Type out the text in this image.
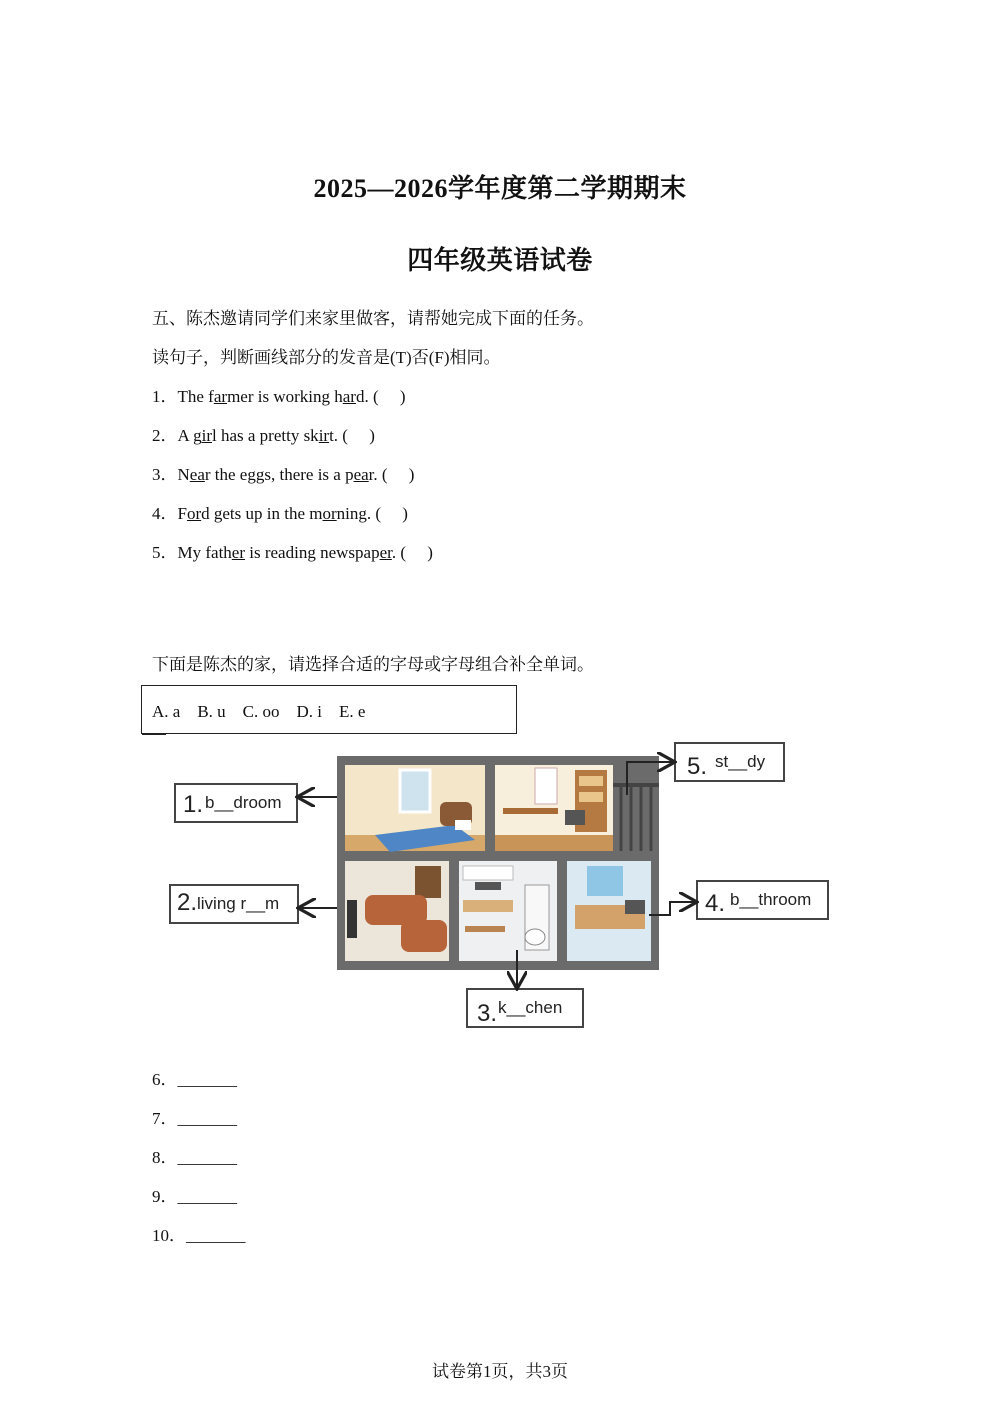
2025—2026学年度第二学期期末
四年级英语试卷
五、陈杰邀请同学们来家里做客，请帮她完成下面的任务。
读句子，判断画线部分的发音是(T)否(F)相同。
1．The farmer is working hard. (　 )
2．A girl has a pretty skirt. (　 )
3．Near the eggs, there is a pear. (　 )
4．Ford gets up in the morning. (　 )
5．My father is reading newspaper. (　 )
下面是陈杰的家，请选择合适的字母或字母组合补全单词。
A. a　B. u　C. oo　D. i　E. e
1. b__droom
2. living r__m
3. k__chen
4. b__throom
5. st__dy
6．_______
7．_______
8．_______
9．_______
10．_______
试卷第1页，共3页
